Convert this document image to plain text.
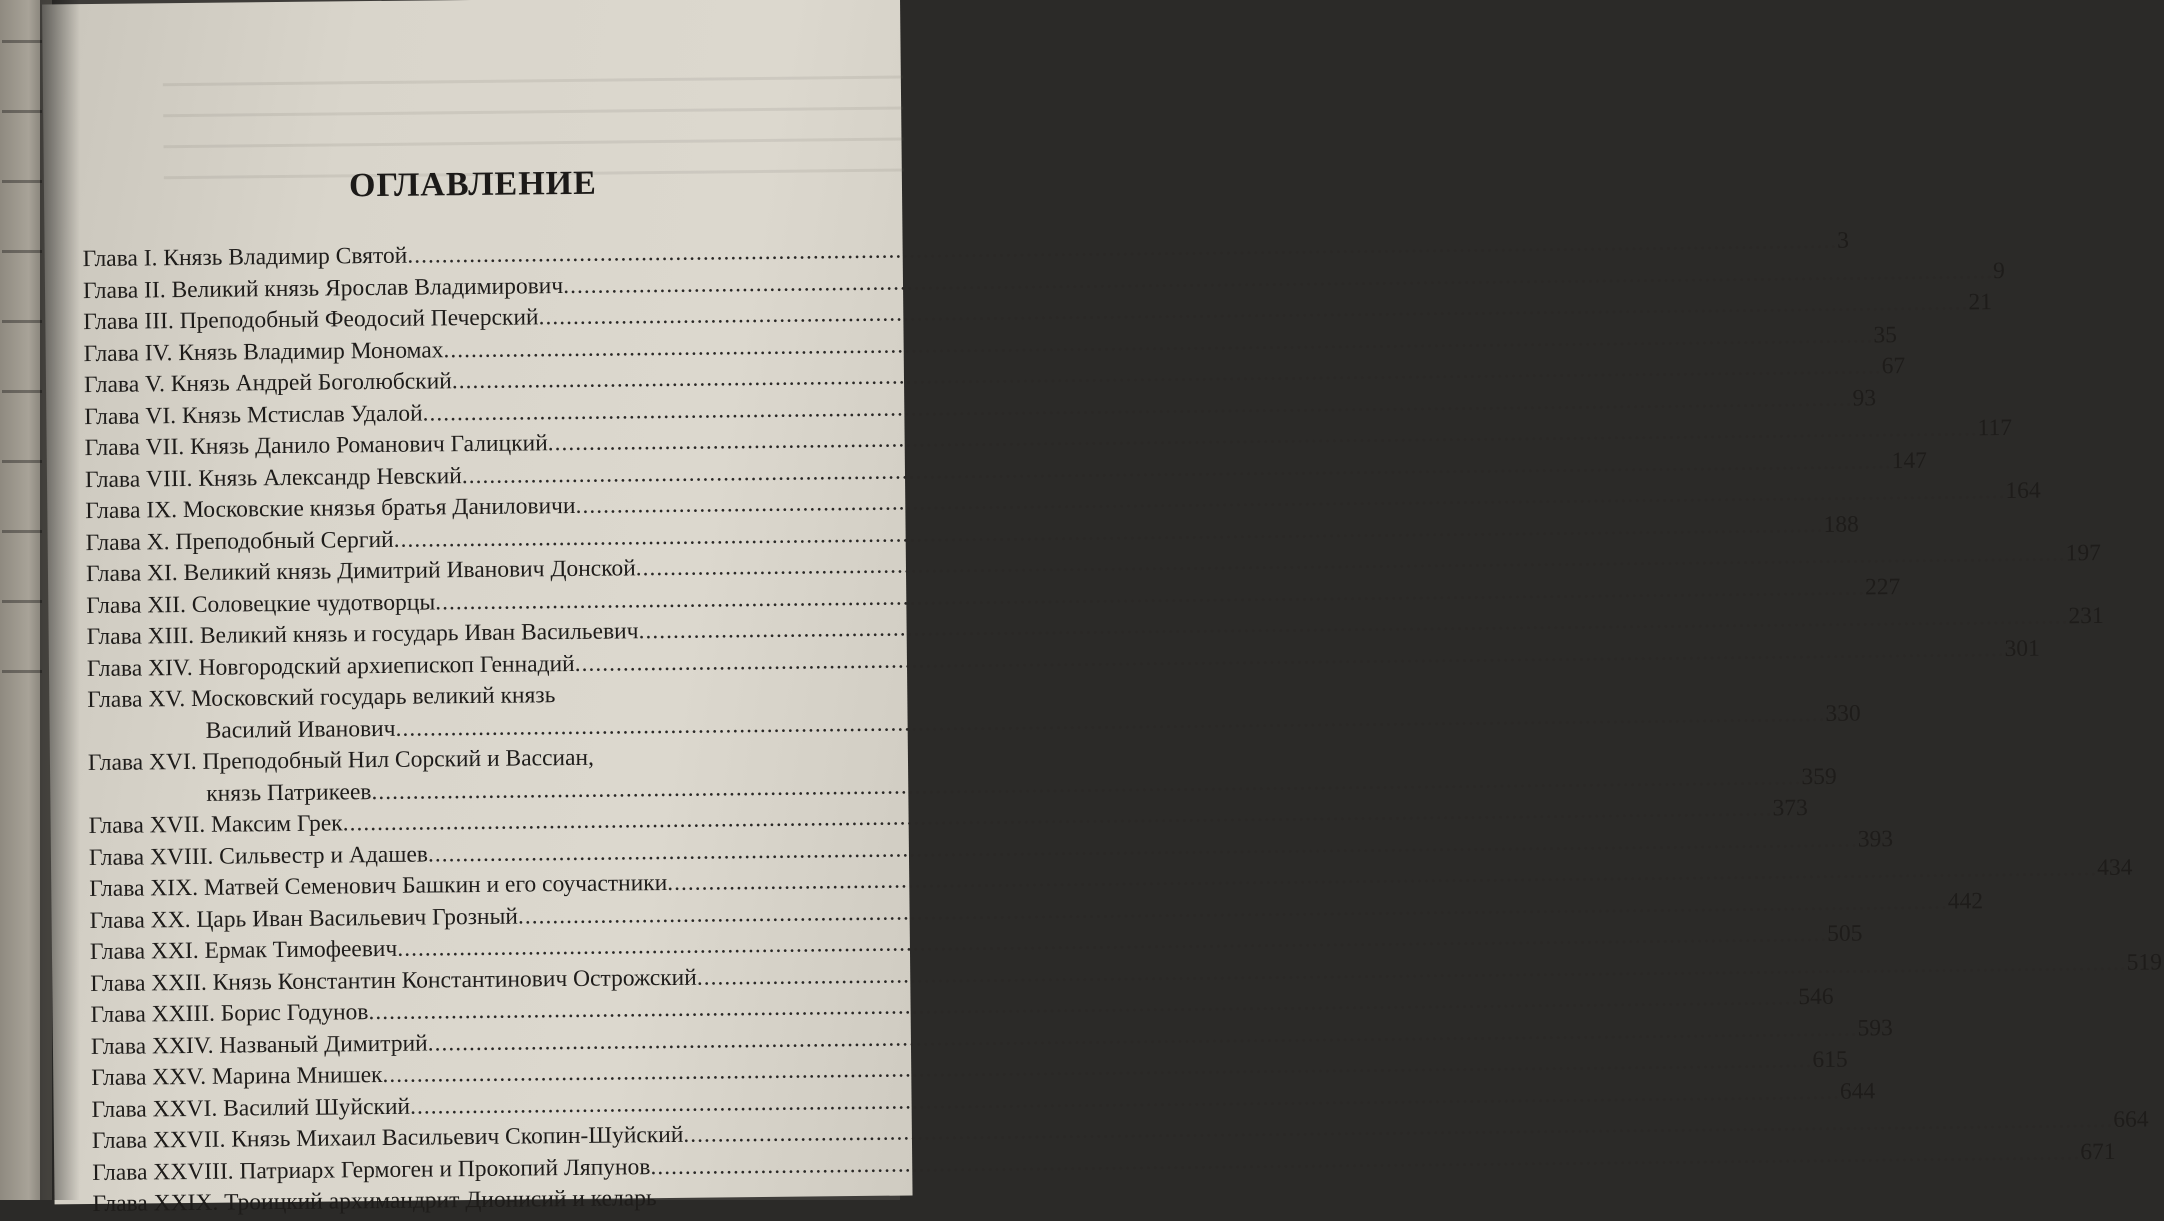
ОГЛАВЛЕНИЕ
Глава I. Князь Владимир Святой
.....
3
Глава II. Великий князь Ярослав Владимирович
.....
9
Глава III. Преподобный Феодосий Печерский
.....
21
Глава IV. Князь Владимир Мономах
.....
35
Глава V. Князь Андрей Боголюбский
.....
67
Глава VI. Князь Мстислав Удалой
.....
93
Глава VII. Князь Данило Романович Галицкий
.....
117
Глава VIII. Князь Александр Невский
.....
147
Глава IX. Московские князья братья Даниловичи
.....
164
Глава X. Преподобный Сергий
.....
188
Глава XI. Великий князь Димитрий Иванович Донской
.....
197
Глава XII. Соловецкие чудотворцы
.....
227
Глава XIII. Великий князь и государь Иван Васильевич
.....
231
Глава XIV. Новгородский архиепископ Геннадий
.....
301
Глава XV. Московский государь великий князь
Василий Иванович
.....
330
Глава XVI. Преподобный Нил Сорский и Вассиан,
князь Патрикеев
.....
359
Глава XVII. Максим Грек
.....
373
Глава XVIII. Сильвестр и Адашев
.....
393
Глава XIX. Матвей Семенович Башкин и его соучастники
.....
434
Глава XX. Царь Иван Васильевич Грозный
.....
442
Глава XXI. Ермак Тимофеевич
.....
505
Глава XXII. Князь Константин Константинович Острожский
.....
519
Глава XXIII. Борис Годунов
.....
546
Глава XXIV. Названый Димитрий
.....
593
Глава XXV. Марина Мнишек
.....
615
Глава XXVI. Василий Шуйский
.....
644
Глава XXVII. Князь Михаил Васильевич Скопин-Шуйский
.....
664
Глава XXVIII. Патриарх Гермоген и Прокопий Ляпунов
.....
671
Глава XXIX. Троицкий архимандрит Дионисий и келарь
